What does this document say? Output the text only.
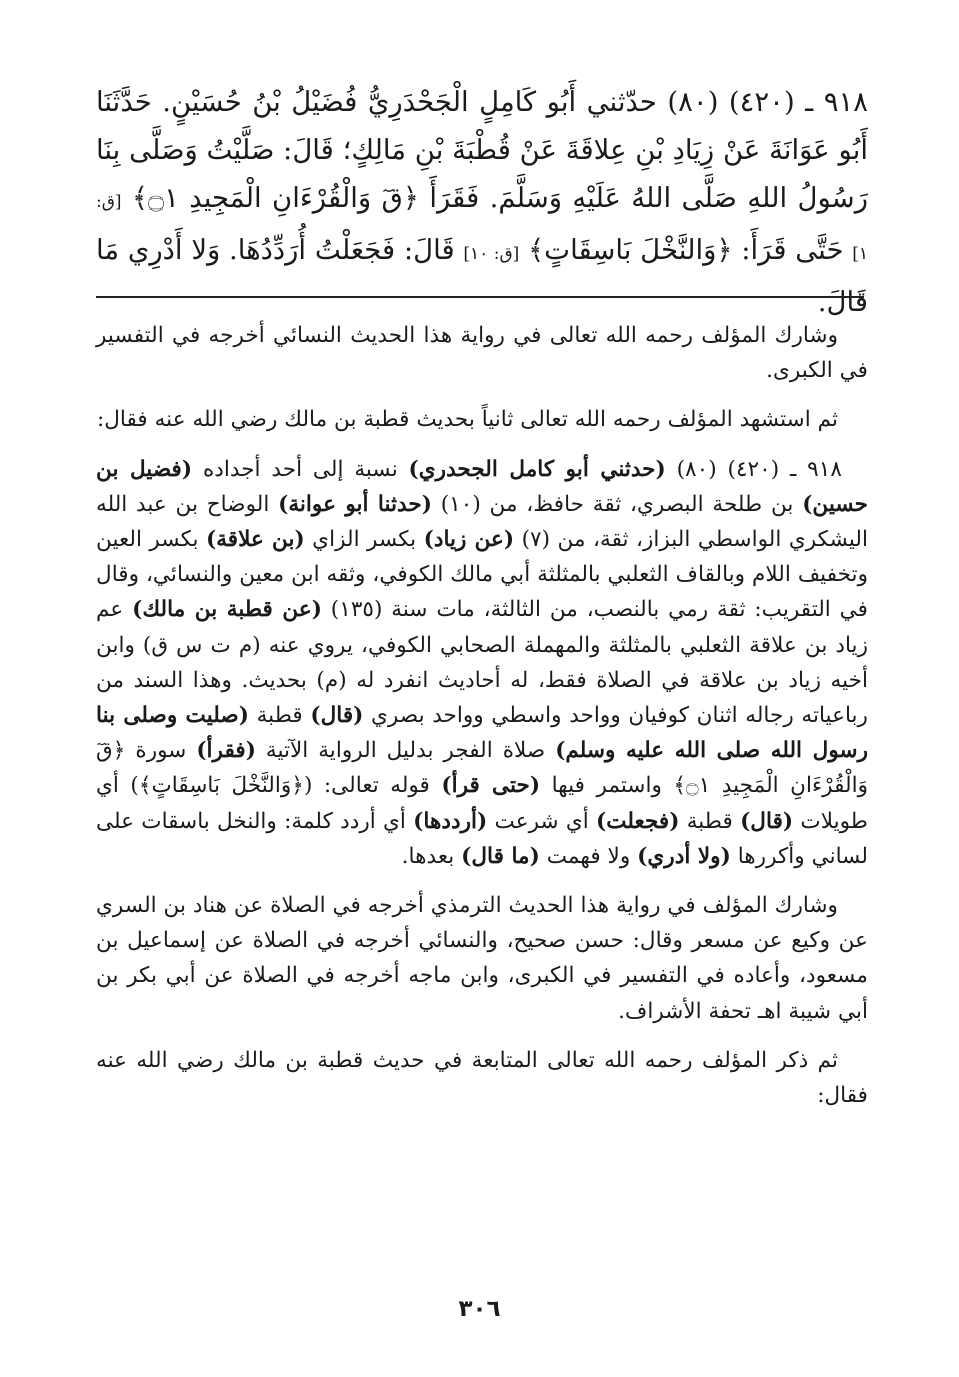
٩١٨ ـ (٤٢٠) (٨٠) حدّثني أَبُو كَامِلٍ الْجَحْدَرِيُّ فُضَيْلُ بْنُ حُسَيْنٍ. حَدَّثَنَا أَبُو عَوَانَةَ عَنْ زِيَادِ بْنِ عِلاقَةَ عَنْ قُطْبَةَ بْنِ مَالِكٍ؛ قَالَ: صَلَّيْتُ وَصَلَّى بِنَا رَسُولُ اللهِ صَلَّى اللهُ عَلَيْهِ وَسَلَّمَ. فَقَرَأَ ﴿قٓ وَالْقُرْءَانِ الْمَجِيدِ ۝١﴾ [ق: ١] حَتَّى قَرَأَ: ﴿وَالنَّخْلَ بَاسِقَاتٍ﴾ [ق: ١٠] قَالَ: فَجَعَلْتُ أُرَدِّدُهَا. وَلا أَدْرِي مَا قَالَ.

وشارك المؤلف رحمه الله تعالى في رواية هذا الحديث النسائي أخرجه في التفسير في الكبرى.

ثم استشهد المؤلف رحمه الله تعالى ثانياً بحديث قطبة بن مالك رضي الله عنه فقال:

٩١٨ ـ (٤٢٠) (٨٠) (حدثني أبو كامل الجحدري) نسبة إلى أحد أجداده (فضيل بن حسين) بن طلحة البصري، ثقة حافظ، من (١٠) (حدثنا أبو عوانة) الوضاح بن عبد الله اليشكري الواسطي البزاز، ثقة، من (٧) (عن زياد) بكسر الزاي (بن علاقة) بكسر العين وتخفيف اللام وبالقاف الثعلبي بالمثلثة أبي مالك الكوفي، وثقه ابن معين والنسائي، وقال في التقريب: ثقة رمي بالنصب، من الثالثة، مات سنة (١٣٥) (عن قطبة بن مالك) عم زياد بن علاقة الثعلبي بالمثلثة والمهملة الصحابي الكوفي، يروي عنه (م ت س ق) وابن أخيه زياد بن علاقة في الصلاة فقط، له أحاديث انفرد له (م) بحديث. وهذا السند من رباعياته رجاله اثنان كوفيان وواحد واسطي وواحد بصري (قال) قطبة (صليت وصلى بنا رسول الله صلى الله عليه وسلم) صلاة الفجر بدليل الرواية الآتية (فقرأ) سورة ﴿قٓ وَالْقُرْءَانِ الْمَجِيدِ ۝١﴾ واستمر فيها (حتى قرأ) قوله تعالى: (﴿وَالنَّخْلَ بَاسِقَاتٍ﴾) أي طويلات (قال) قطبة (فجعلت) أي شرعت (أرددها) أي أردد كلمة: والنخل باسقات على لساني وأكررها (ولا أدري) ولا فهمت (ما قال) بعدها.

وشارك المؤلف في رواية هذا الحديث الترمذي أخرجه في الصلاة عن هناد بن السري عن وكيع عن مسعر وقال: حسن صحيح، والنسائي أخرجه في الصلاة عن إسماعيل بن مسعود، وأعاده في التفسير في الكبرى، وابن ماجه أخرجه في الصلاة عن أبي بكر بن أبي شيبة اهـ تحفة الأشراف.

ثم ذكر المؤلف رحمه الله تعالى المتابعة في حديث قطبة بن مالك رضي الله عنه فقال:

٣٠٦
